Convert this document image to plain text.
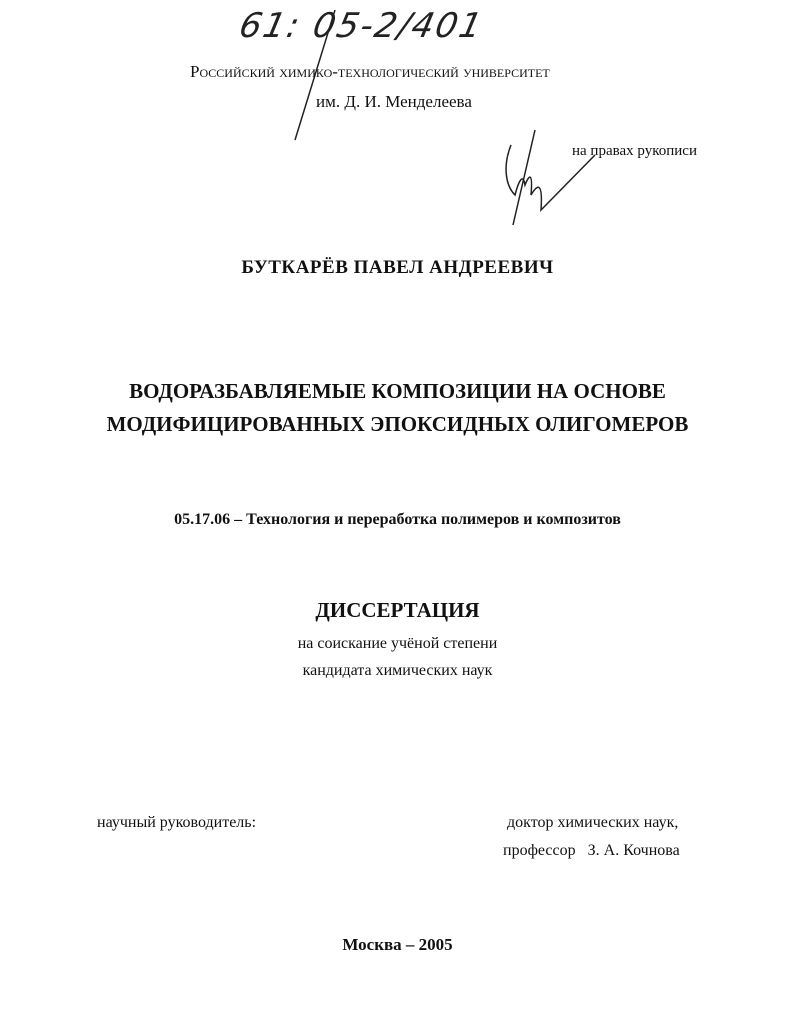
61: 05-2/401
Российский химико-технологический университет
им. Д. И. Менделеева
на правах рукописи
БУТКАРЁВ ПАВЕЛ АНДРЕЕВИЧ
ВОДОРАЗБАВЛЯЕМЫЕ КОМПОЗИЦИИ НА ОСНОВЕ
МОДИФИЦИРОВАННЫХ ЭПОКСИДНЫХ ОЛИГОМЕРОВ
05.17.06 – Технология и переработка полимеров и композитов
ДИССЕРТАЦИЯ
на соискание учёной степени
кандидата химических наук
научный руководитель:	доктор химических наук,
профессор   З. А. Кочнова
Москва – 2005
